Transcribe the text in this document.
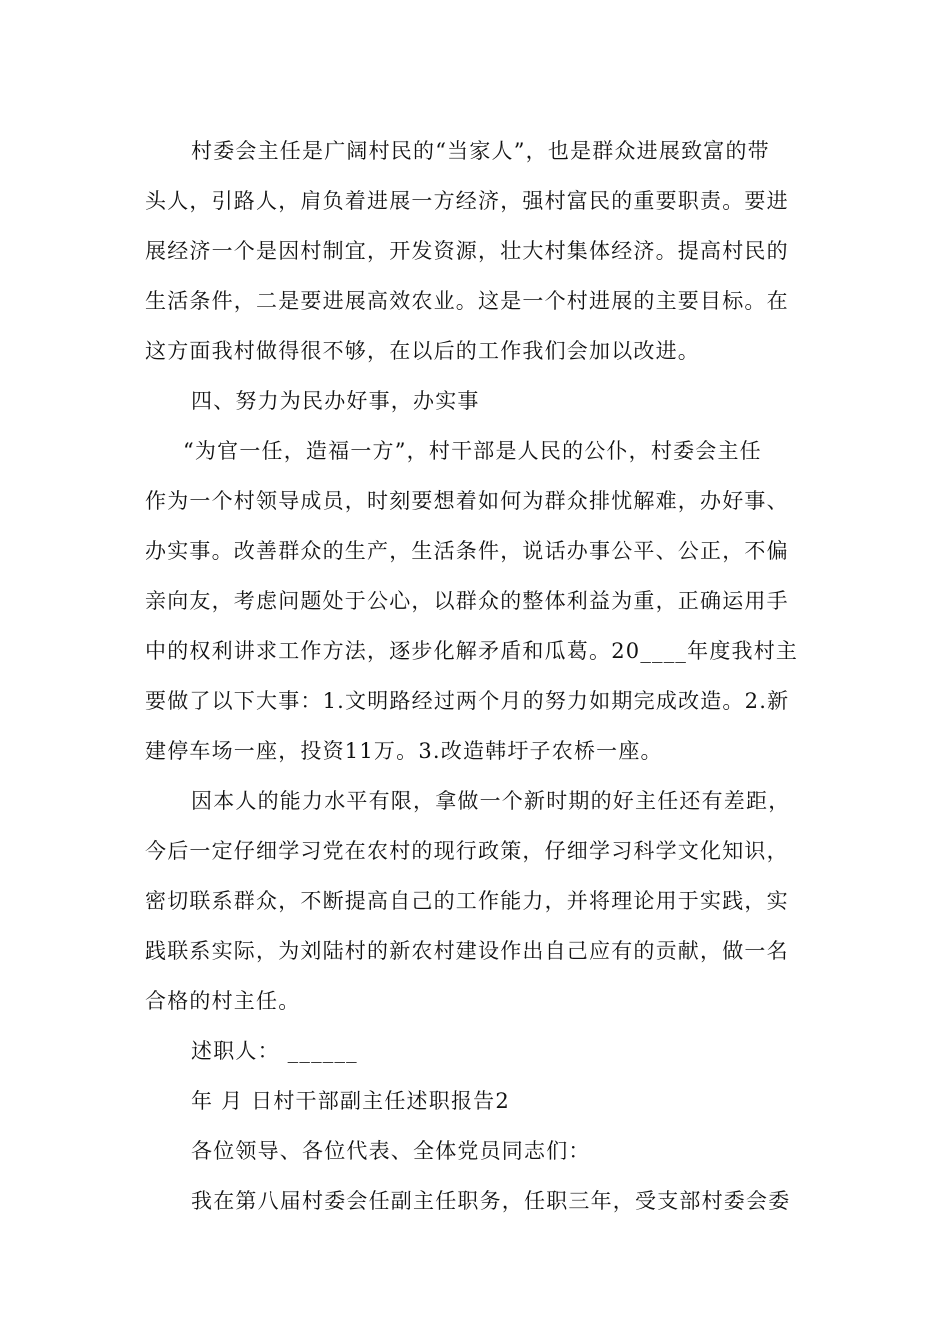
村委会主任是广阔村民的“当家人”，也是群众进展致富的带
头人，引路人，肩负着进展一方经济，强村富民的重要职责。要进
展经济一个是因村制宜，开发资源，壮大村集体经济。提高村民的
生活条件，二是要进展高效农业。这是一个村进展的主要目标。在
这方面我村做得很不够，在以后的工作我们会加以改进。
四、努力为民办好事，办实事
“为官一任，造福一方”，村干部是人民的公仆，村委会主任
作为一个村领导成员，时刻要想着如何为群众排忧解难，办好事、
办实事。改善群众的生产，生活条件，说话办事公平、公正，不偏
亲向友，考虑问题处于公心，以群众的整体利益为重，正确运用手
中的权利讲求工作方法，逐步化解矛盾和瓜葛。20____年度我村主
要做了以下大事：1.文明路经过两个月的努力如期完成改造。2.新
建停车场一座，投资11万。3.改造韩圩子农桥一座。
因本人的能力水平有限，拿做一个新时期的好主任还有差距，
今后一定仔细学习党在农村的现行政策，仔细学习科学文化知识，
密切联系群众，不断提高自己的工作能力，并将理论用于实践，实
践联系实际，为刘陆村的新农村建设作出自己应有的贡献，做一名
合格的村主任。
述职人： ______
年 月 日村干部副主任述职报告2
各位领导、各位代表、全体党员同志们：
我在第八届村委会任副主任职务，任职三年，受支部村委会委
